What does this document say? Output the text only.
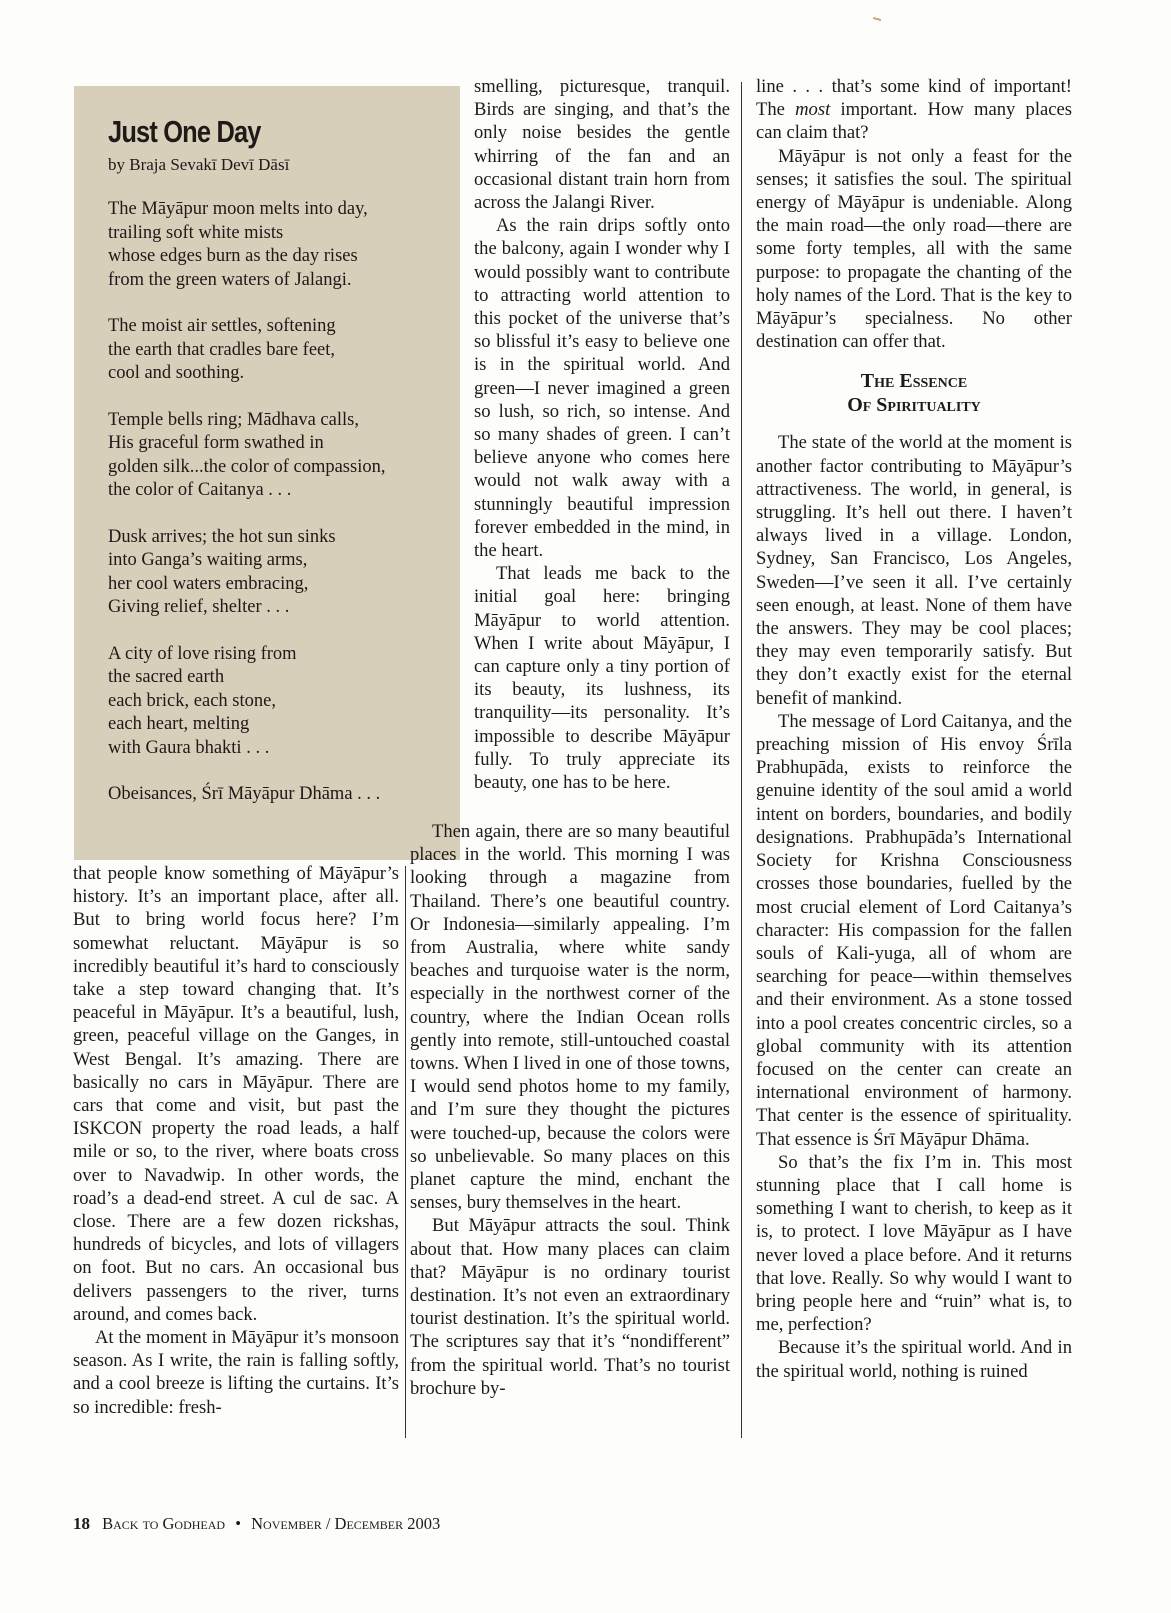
Just One Day
by Braja Sevakī Devī Dāsī
The Māyāpur moon melts into day,
trailing soft white mists
whose edges burn as the day rises
from the green waters of Jalangi.
The moist air settles, softening
the earth that cradles bare feet,
cool and soothing.
Temple bells ring; Mādhava calls,
His graceful form swathed in
golden silk...the color of compassion,
the color of Caitanya . . .
Dusk arrives; the hot sun sinks
into Ganga’s waiting arms,
her cool waters embracing,
Giving relief, shelter . . .
A city of love rising from
the sacred earth
each brick, each stone,
each heart, melting
with Gaura bhakti . . .
Obeisances, Śrī Māyāpur Dhāma . . .

that people know something of Māyāpur’s history. It’s an important place, after all. But to bring world focus here? I’m somewhat reluctant. Māyāpur is so incredibly beautiful it’s hard to consciously take a step toward changing that. It’s peaceful in Māyāpur. It’s a beautiful, lush, green, peaceful village on the Ganges, in West Bengal. It’s amazing. There are basically no cars in Māyāpur. There are cars that come and visit, but past the ISKCON property the road leads, a half mile or so, to the river, where boats cross over to Navadwip. In other words, the road’s a dead-end street. A cul de sac. A close. There are a few dozen rickshas, hundreds of bicycles, and lots of villagers on foot. But no cars. An occasional bus delivers passengers to the river, turns around, and comes back.

At the moment in Māyāpur it’s monsoon season. As I write, the rain is falling softly, and a cool breeze is lifting the curtains. It’s so incredible: fresh-

smelling, picturesque, tranquil. Birds are singing, and that’s the only noise besides the gentle whirring of the fan and an occasional distant train horn from across the Jalangi River.

As the rain drips softly onto the balcony, again I wonder why I would possibly want to contribute to attracting world attention to this pocket of the universe that’s so blissful it’s easy to believe one is in the spiritual world. And green—I never imagined a green so lush, so rich, so intense. And so many shades of green. I can’t believe anyone who comes here would not walk away with a stunningly beautiful impression forever embedded in the mind, in the heart.

That leads me back to the initial goal here: bringing Māyāpur to world attention. When I write about Māyāpur, I can capture only a tiny portion of its beauty, its lushness, its tranquility—its personality. It’s impossible to describe Māyāpur fully. To truly appreciate its beauty, one has to be here.

Then again, there are so many beautiful places in the world. This morning I was looking through a magazine from Thailand. There’s one beautiful country. Or Indonesia—similarly appealing. I’m from Australia, where white sandy beaches and turquoise water is the norm, especially in the northwest corner of the country, where the Indian Ocean rolls gently into remote, still-untouched coastal towns. When I lived in one of those towns, I would send photos home to my family, and I’m sure they thought the pictures were touched-up, because the colors were so unbelievable. So many places on this planet capture the mind, enchant the senses, bury themselves in the heart.

But Māyāpur attracts the soul. Think about that. How many places can claim that? Māyāpur is no ordinary tourist destination. It’s not even an extraordinary tourist destination. It’s the spiritual world. The scriptures say that it’s “nondifferent” from the spiritual world. That’s no tourist brochure by-

line . . . that’s some kind of important! The most important. How many places can claim that?

Māyāpur is not only a feast for the senses; it satisfies the soul. The spiritual energy of Māyāpur is undeniable. Along the main road—the only road—there are some forty temples, all with the same purpose: to propagate the chanting of the holy names of the Lord. That is the key to Māyāpur’s specialness. No other destination can offer that.

The Essence
Of Spirituality

The state of the world at the moment is another factor contributing to Māyāpur’s attractiveness. The world, in general, is struggling. It’s hell out there. I haven’t always lived in a village. London, Sydney, San Francisco, Los Angeles, Sweden—I’ve seen it all. I’ve certainly seen enough, at least. None of them have the answers. They may be cool places; they may even temporarily satisfy. But they don’t exactly exist for the eternal benefit of mankind.

The message of Lord Caitanya, and the preaching mission of His envoy Śrīla Prabhupāda, exists to reinforce the genuine identity of the soul amid a world intent on borders, boundaries, and bodily designations. Prabhupāda’s International Society for Krishna Consciousness crosses those boundaries, fuelled by the most crucial element of Lord Caitanya’s character: His compassion for the fallen souls of Kali-yuga, all of whom are searching for peace—within themselves and their environment. As a stone tossed into a pool creates concentric circles, so a global community with its attention focused on the center can create an international environment of harmony. That center is the essence of spirituality. That essence is Śrī Māyāpur Dhāma.

So that’s the fix I’m in. This most stunning place that I call home is something I want to cherish, to keep as it is, to protect. I love Māyāpur as I have never loved a place before. And it returns that love. Really. So why would I want to bring people here and “ruin” what is, to me, perfection?

Because it’s the spiritual world. And in the spiritual world, nothing is ruined

18 Back to Godhead • November / December 2003
